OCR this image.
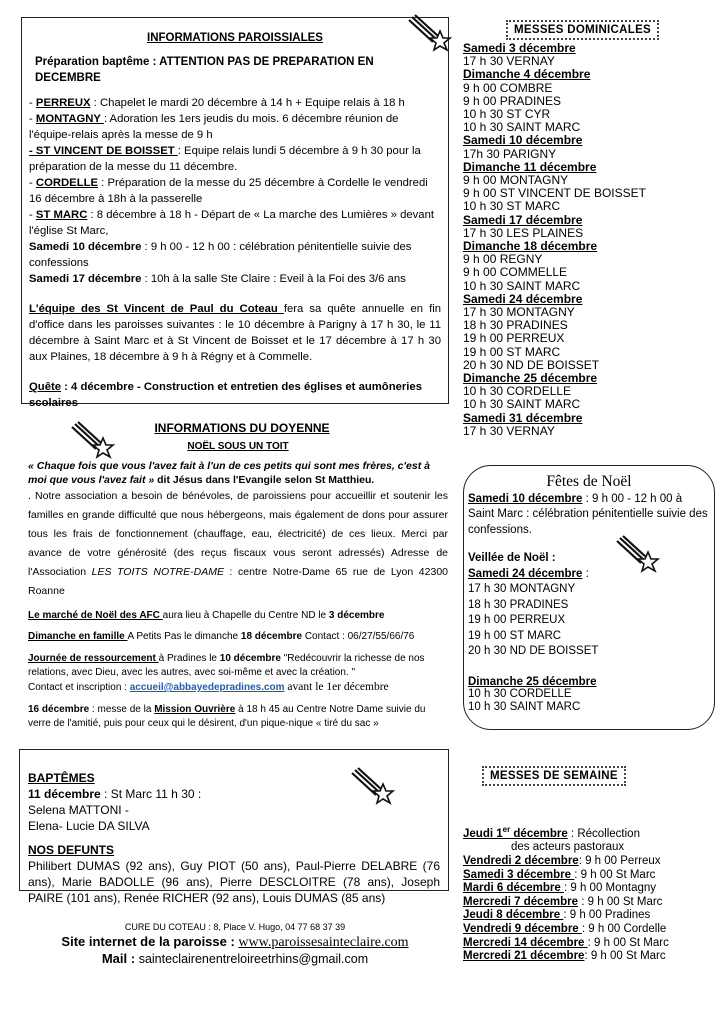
INFORMATIONS PAROISSIALES
Préparation baptême : ATTENTION PAS DE PREPARATION EN DECEMBRE

- PERREUX : Chapelet le mardi 20 décembre à 14 h + Equipe relais à 18 h

- MONTAGNY : Adoration les 1ers jeudis du mois. 6 décembre réunion de l'équipe-relais après la messe de 9 h

- ST VINCENT DE BOISSET : Equipe relais lundi 5 décembre à 9 h 30 pour la préparation de la messe du 11 décembre.

- CORDELLE : Préparation de la messe du 25 décembre à Cordelle le vendredi 16 décembre à 18h à la passerelle

- ST MARC : 8 décembre à 18 h - Départ de « La marche des Lumières » devant l'église St Marc,

Samedi 10 décembre : 9 h 00 - 12 h 00 : célébration pénitentielle suivie des confessions

Samedi 17 décembre : 10h à la salle Ste Claire : Eveil à la Foi des 3/6 ans

L'équipe des St Vincent de Paul du Coteau fera sa quête annuelle en fin d'office dans les paroisses suivantes : le 10 décembre à Parigny à 17 h 30, le 11 décembre à Saint Marc et à St Vincent de Boisset et le 17 décembre à 17 h 30 aux Plaines, 18 décembre à 9 h à Régny et à Commelle.

Quête : 4 décembre - Construction et entretien des églises et aumôneries scolaires

INFORMATIONS DU DOYENNE
NOËL SOUS UN TOIT

« Chaque fois que vous l'avez fait à l'un de ces petits qui sont mes frères, c'est à moi que vous l'avez fait » dit Jésus dans l'Evangile selon St Matthieu.

. Notre association a besoin de bénévoles, de paroissiens pour accueillir et soutenir les familles en grande difficulté que nous hébergeons, mais également de dons pour assurer tous les frais de fonctionnement (chauffage, eau, électricité) de ces lieux. Merci par avance de votre générosité (des reçus fiscaux vous seront adressés) Adresse de l'Association LES TOITS NOTRE-DAME : centre Notre-Dame 65 rue de Lyon 42300 Roanne

Le marché de Noël des AFC aura lieu à Chapelle du Centre ND le 3 décembre

Dimanche en famille A Petits Pas le dimanche 18 décembre Contact : 06/27/55/66/76

Journée de ressourcement à Pradines le 10 décembre "Redécouvrir la richesse de nos relations, avec Dieu, avec les autres, avec soi-même et avec la création. "

Contact et inscription : accueil@abbayedepradines.com avant le 1er décembre

16 décembre : messe de la Mission Ouvrière à 18 h 45 au Centre Notre Dame suivie du verre de l'amitié, puis pour ceux qui le désirent, d'un pique-nique « tiré du sac »

BAPTÊMES
11 décembre : St Marc 11 h 30 :
Selena MATTONI -
Elena- Lucie DA SILVA
NOS DEFUNTS
Philibert DUMAS (92 ans), Guy PIOT (50 ans), Paul-Pierre DELABRE (76 ans), Marie BADOLLE (96 ans), Pierre DESCLOITRE (78 ans), Joseph PAIRE (101 ans), Renée RICHER (92 ans), Louis DUMAS (85 ans)
CURE DU COTEAU : 8, Place V. Hugo, 04 77 68 37 39
Site internet de la paroisse : www.paroissesainteclaire.com
Mail : sainteclairenentreloireetrhins@gmail.com
MESSES DOMINICALES
Samedi 3 décembre
17 h 30 VERNAY
Dimanche 4 décembre
9 h 00 COMBRE
9 h 00 PRADINES
10 h 30 ST CYR
10 h 30 SAINT MARC
Samedi 10 décembre
17h 30 PARIGNY
Dimanche 11 décembre
9 h 00 MONTAGNY
9 h 00 ST VINCENT DE BOISSET
10 h 30 ST MARC
Samedi 17 décembre
17 h 30 LES PLAINES
Dimanche 18 décembre
9 h 00 REGNY
9 h 00 COMMELLE
10 h 30 SAINT MARC
Samedi 24 décembre
17 h 30 MONTAGNY
18 h 30 PRADINES
19 h 00 PERREUX
19 h 00 ST MARC
20 h 30 ND DE BOISSET
Dimanche 25 décembre
10 h 30 CORDELLE
10 h 30 SAINT MARC
Samedi 31 décembre
17 h 30 VERNAY
Fêtes de Noël

Samedi 10 décembre : 9 h 00 - 12 h 00 à Saint Marc : célébration pénitentielle suivie des confessions.

Veillée de Noël :
Samedi 24 décembre :
17 h 30 MONTAGNY
18 h 30 PRADINES
19 h 00 PERREUX
19 h 00 ST MARC
20 h 30 ND DE BOISSET
Dimanche 25 décembre
10 h 30 CORDELLE
10 h 30 SAINT MARC
MESSES DE SEMAINE
Jeudi 1er décembre : Récollection
des acteurs pastoraux
Vendredi 2 décembre: 9 h 00 Perreux
Samedi 3 décembre : 9 h 00 St Marc
Mardi 6 décembre : 9 h 00 Montagny
Mercredi 7 décembre : 9 h 00 St Marc
Jeudi 8 décembre : 9 h 00 Pradines
Vendredi 9 décembre : 9 h 00 Cordelle
Mercredi 14 décembre : 9 h 00 St Marc
Mercredi 21 décembre: 9 h 00 St Marc
